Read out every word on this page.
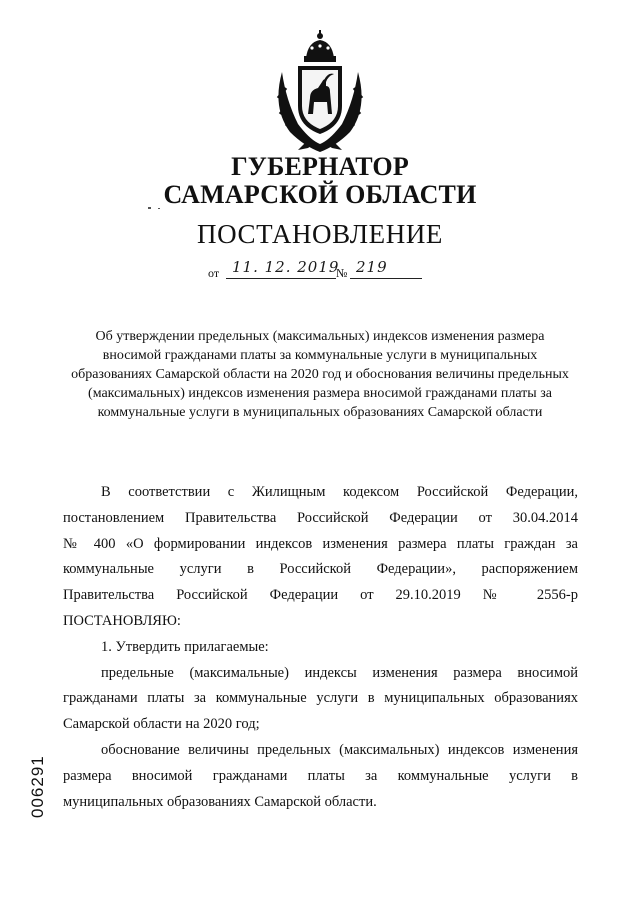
ГУБЕРНАТОР
САМАРСКОЙ ОБЛАСТИ
ПОСТАНОВЛЕНИЕ
от 11. 12. 2019
№ 219
Об утверждении предельных (максимальных) индексов изменения размера вносимой гражданами платы за коммунальные услуги в муниципальных образованиях Самарской области на 2020 год и обоснования величины предельных (максимальных) индексов изменения размера вносимой гражданами платы за коммунальные услуги в муниципальных образованиях Самарской области

В соответствии с Жилищным кодексом Российской Федерации,

постановлением Правительства Российской Федерации от 30.04.2014

№ 400 «О формировании индексов изменения размера платы граждан за

коммунальные услуги в Российской Федерации», распоряжением

Правительства Российской Федерации от 29.10.2019 № 2556-р

ПОСТАНОВЛЯЮ:

1. Утвердить прилагаемые:

предельные (максимальные) индексы изменения размера вносимой

гражданами платы за коммунальные услуги в муниципальных образованиях

Самарской области на 2020 год;

обоснование величины предельных (максимальных) индексов изменения

размера вносимой гражданами платы за коммунальные услуги в

муниципальных образованиях Самарской области.

006291
